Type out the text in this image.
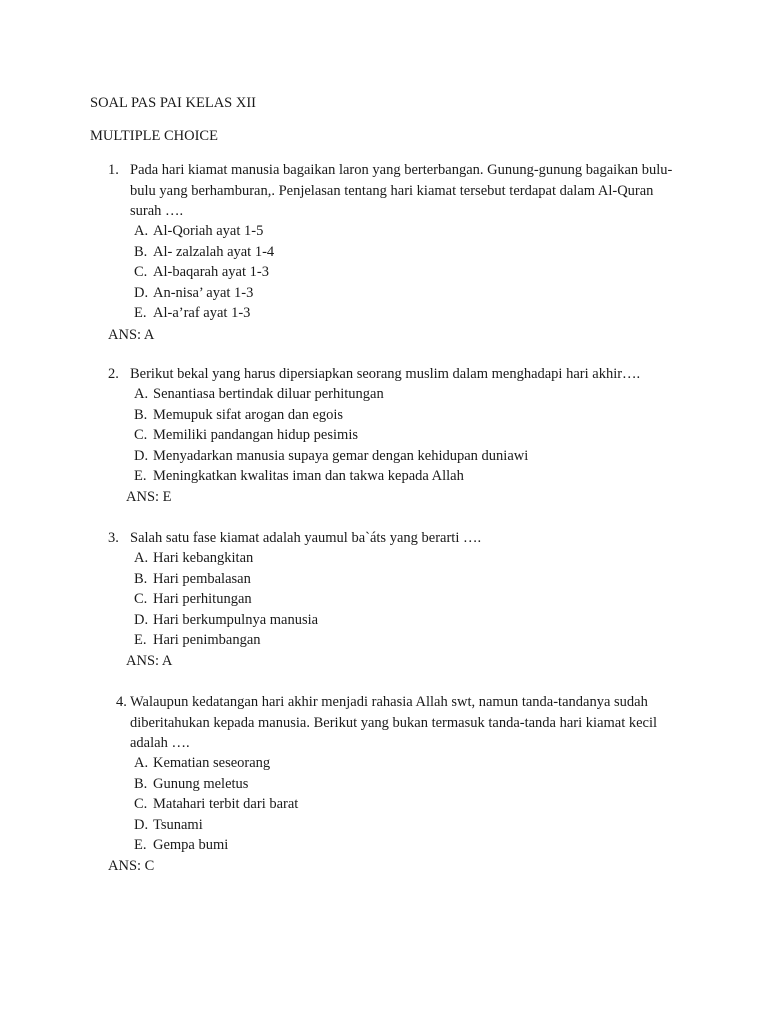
SOAL PAS PAI KELAS XII
MULTIPLE CHOICE
1. Pada hari kiamat manusia bagaikan laron yang berterbangan. Gunung-gunung bagaikan bulu-bulu yang berhamburan,. Penjelasan tentang hari kiamat tersebut terdapat dalam Al-Quran surah ….
A. Al-Qoriah ayat 1-5
B. Al- zalzalah ayat 1-4
C. Al-baqarah ayat 1-3
D. An-nisa’ ayat 1-3
E. Al-a’raf ayat 1-3
ANS: A
2. Berikut bekal yang harus dipersiapkan seorang muslim dalam menghadapi hari akhir….
A. Senantiasa bertindak diluar perhitungan
B. Memupuk sifat arogan dan egois
C. Memiliki pandangan hidup pesimis
D. Menyadarkan manusia supaya gemar dengan kehidupan duniawi
E. Meningkatkan kwalitas iman dan takwa kepada Allah
ANS: E
3. Salah satu fase kiamat adalah yaumul ba`áts yang berarti ….
A. Hari kebangkitan
B. Hari pembalasan
C. Hari perhitungan
D. Hari berkumpulnya manusia
E. Hari penimbangan
ANS: A
4. Walaupun kedatangan hari akhir menjadi rahasia Allah swt, namun tanda-tandanya sudah diberitahukan kepada manusia. Berikut yang bukan termasuk tanda-tanda hari kiamat kecil adalah ….
A. Kematian seseorang
B. Gunung meletus
C. Matahari terbit dari barat
D. Tsunami
E. Gempa bumi
ANS: C
